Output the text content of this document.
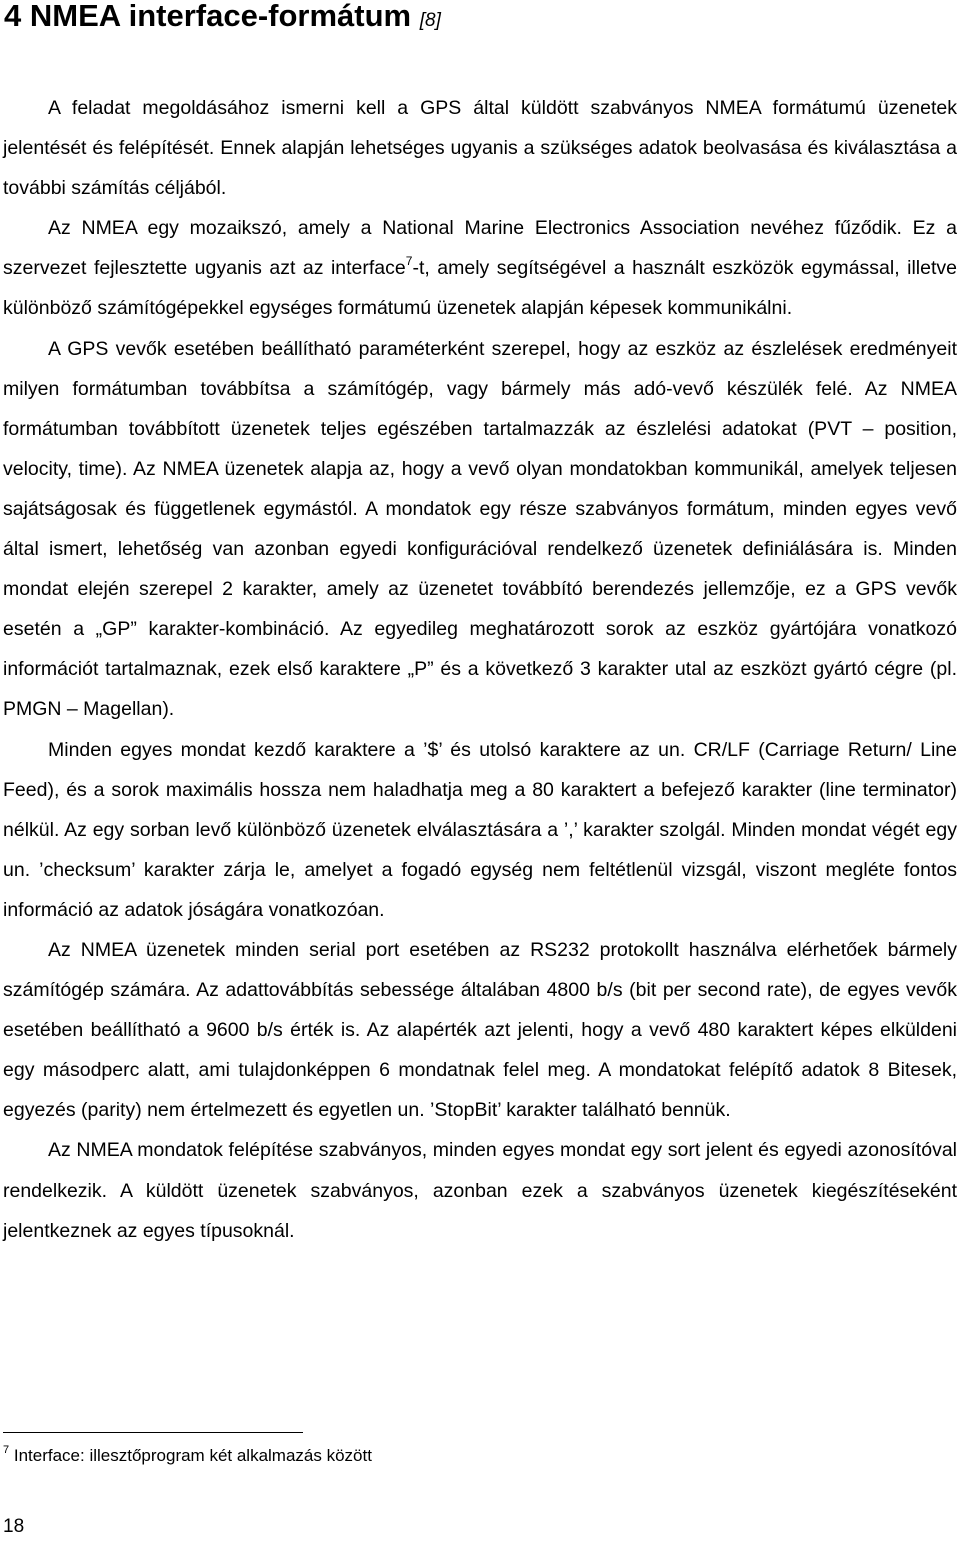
4 NMEA interface-formátum [8]

A feladat megoldásához ismerni kell a GPS által küldött szabványos NMEA formátumú üzenetek jelentését és felépítését. Ennek alapján lehetséges ugyanis a szükséges adatok beolvasása és kiválasztása a további számítás céljából.

Az NMEA egy mozaikszó, amely a National Marine Electronics Association nevéhez fűződik. Ez a szervezet fejlesztette ugyanis azt az interface$^7$-t, amely segítségével a használt eszközök egymással, illetve különböző számítógépekkel egységes formátumú üzenetek alapján képesek kommunikálni.

A GPS vevők esetében beállítható paraméterként szerepel, hogy az eszköz az észlelések eredményeit milyen formátumban továbbítsa a számítógép, vagy bármely más adó-vevő készülék felé. Az NMEA formátumban továbbított üzenetek teljes egészében tartalmazzák az észlelési adatokat (PVT – position, velocity, time). Az NMEA üzenetek alapja az, hogy a vevő olyan mondatokban kommunikál, amelyek teljesen sajátságosak és függetlenek egymástól. A mondatok egy része szabványos formátum, minden egyes vevő által ismert, lehetőség van azonban egyedi konfigurációval rendelkező üzenetek definiálására is. Minden mondat elején szerepel 2 karakter, amely az üzenetet továbbító berendezés jellemzője, ez a GPS vevők esetén a „GP” karakter-kombináció. Az egyedileg meghatározott sorok az eszköz gyártójára vonatkozó információt tartalmaznak, ezek első karaktere „P” és a következő 3 karakter utal az eszközt gyártó cégre (pl. PMGN – Magellan).

Minden egyes mondat kezdő karaktere a ’$’ és utolsó karaktere az un. CR/LF (Carriage Return/ Line Feed), és a sorok maximális hossza nem haladhatja meg a 80 karaktert a befejező karakter (line terminator) nélkül. Az egy sorban levő különböző üzenetek elválasztására a ’,’ karakter szolgál. Minden mondat végét egy un. ’checksum’ karakter zárja le, amelyet a fogadó egység nem feltétlenül vizsgál, viszont megléte fontos információ az adatok jóságára vonatkozóan.

Az NMEA üzenetek minden serial port esetében az RS232 protokollt használva elérhetőek bármely számítógép számára. Az adattovábbítás sebessége általában 4800 b/s (bit per second rate), de egyes vevők esetében beállítható a 9600 b/s érték is. Az alapérték azt jelenti, hogy a vevő 480 karaktert képes elküldeni egy másodperc alatt, ami tulajdonképpen 6 mondatnak felel meg. A mondatokat felépítő adatok 8 Bitesek, egyezés (parity) nem értelmezett és egyetlen un. ’StopBit’ karakter található bennük.

Az NMEA mondatok felépítése szabványos, minden egyes mondat egy sort jelent és egyedi azonosítóval rendelkezik. A küldött üzenetek szabványos, azonban ezek a szabványos üzenetek kiegészítéseként jelentkeznek az egyes típusoknál.

$^7$ Interface: illesztőprogram két alkalmazás között

18
